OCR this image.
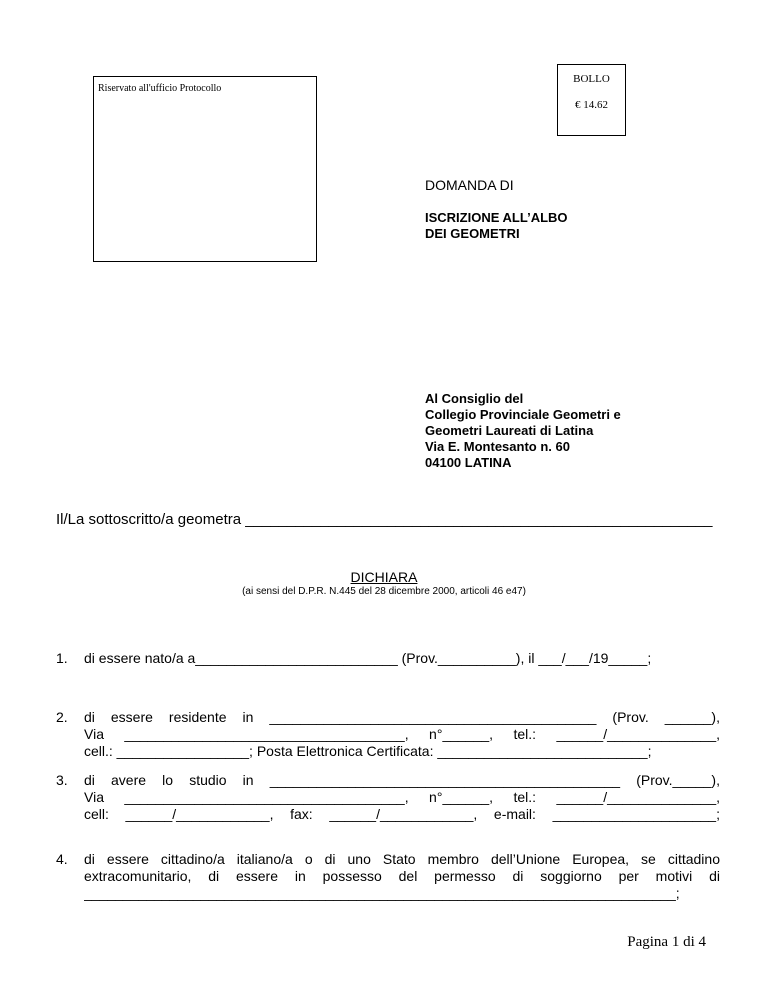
Riservato all'ufficio Protocollo
BOLLO
€ 14.62
DOMANDA DI
ISCRIZIONE ALL’ALBO
DEI GEOMETRI
Al Consiglio del
Collegio Provinciale Geometri e
Geometri Laureati di Latina
Via E. Montesanto n. 60
04100 LATINA
Il/La sottoscritto/a geometra ________________________________________________________
DICHIARA
(ai sensi del D.P.R. N.445 del 28 dicembre 2000, articoli 46 e47)
1. di essere nato/a a__________________________ (Prov.__________), il ___/___/19_____;
2. di essere residente in __________________________________________ (Prov. ______),
Via ____________________________________, n°______, tel.: ______/______________,
cell.: _________________; Posta Elettronica Certificata: ___________________________;
3. di avere lo studio in _____________________________________________ (Prov._____),
Via ____________________________________, n°______, tel.: ______/______________,
cell: ______/____________, fax: ______/____________, e-mail: _____________________;
4. di essere cittadino/a italiano/a o di uno Stato membro dell’Unione Europea, se cittadino
extracomunitario, di essere in possesso del permesso di soggiorno per motivi di
____________________________________________________________________________;
Pagina 1 di 4
